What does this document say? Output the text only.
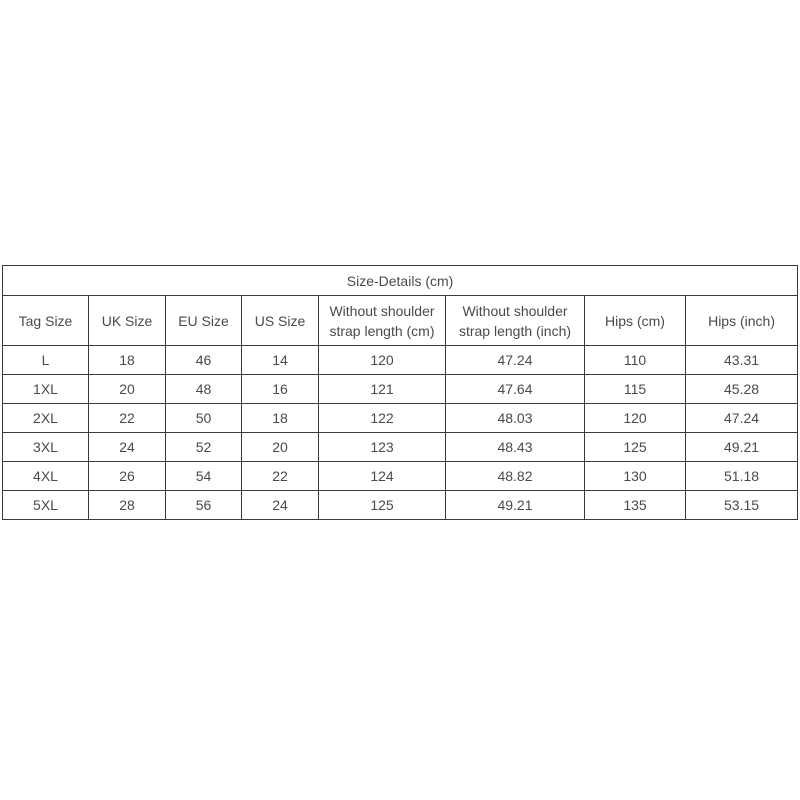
Size-Details (cm)							
Tag Size	UK Size	EU Size	US Size	Without shoulder strap length (cm)	Without shoulder strap length (inch)	Hips (cm)	Hips (inch)
L	18	46	14	120	47.24	110	43.31
1XL	20	48	16	121	47.64	115	45.28
2XL	22	50	18	122	48.03	120	47.24
3XL	24	52	20	123	48.43	125	49.21
4XL	26	54	22	124	48.82	130	51.18
5XL	28	56	24	125	49.21	135	53.15
